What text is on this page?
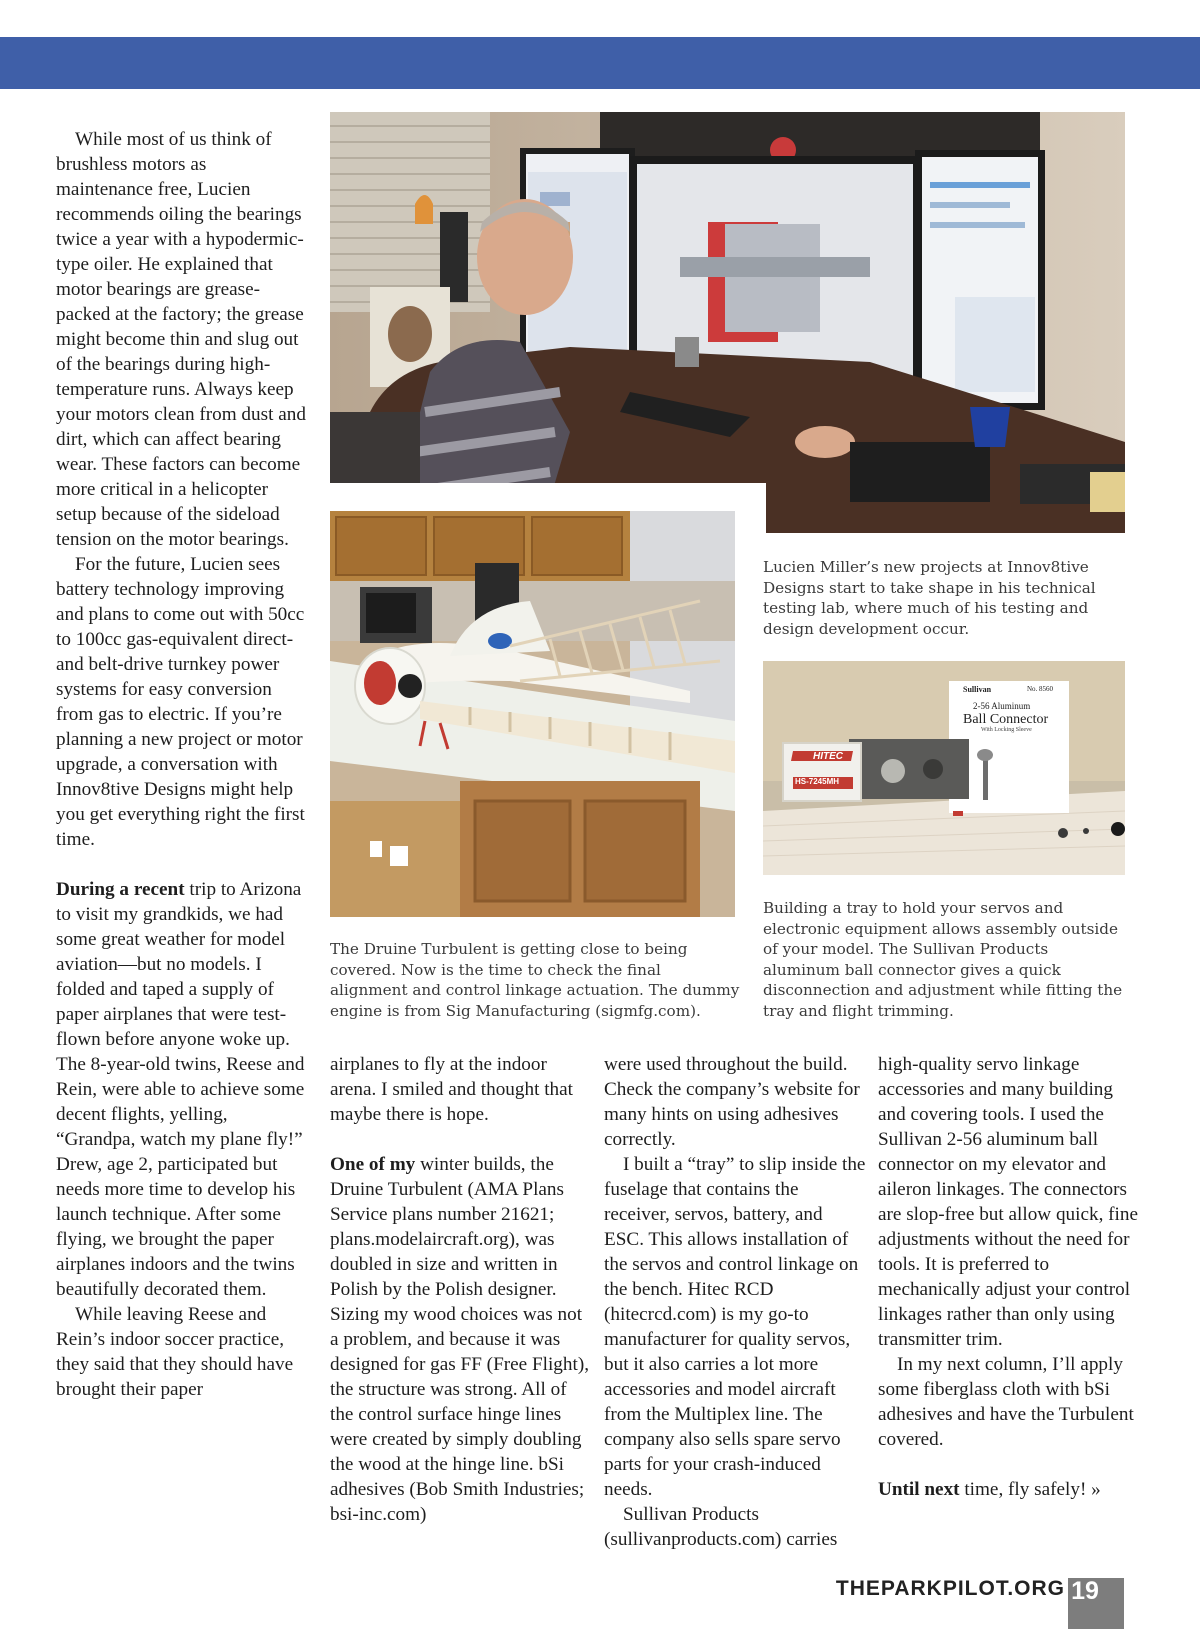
While most of us think of brushless motors as maintenance free, Lucien recommends oiling the bearings twice a year with a hypodermic-type oiler. He explained that motor bearings are grease-packed at the factory; the grease might become thin and slug out of the bearings during high-temperature runs. Always keep your motors clean from dust and dirt, which can affect bearing wear. These factors can become more critical in a helicopter setup because of the sideload tension on the motor bearings.

For the future, Lucien sees battery technology improving and plans to come out with 50cc to 100cc gas-equivalent direct- and belt-drive turnkey power systems for easy conversion from gas to electric. If you’re planning a new project or motor upgrade, a conversation with Innov8tive Designs might help you get everything right the first time.

During a recent trip to Arizona to visit my grandkids, we had some great weather for model aviation—but no models. I folded and taped a supply of paper airplanes that were test-flown before anyone woke up. The 8-year-old twins, Reese and Rein, were able to achieve some decent flights, yelling, “Grandpa, watch my plane fly!” Drew, age 2, participated but needs more time to develop his launch technique. After some flying, we brought the paper airplanes indoors and the twins beautifully decorated them.

While leaving Reese and Rein’s indoor soccer practice, they said that they should have brought their paper

HITEC
HS-7245MH
Sullivan	No. 8560
2-56 Aluminum
Ball Connector
With Locking Sleeve
Lucien Miller’s new projects at Innov8tive Designs start to take shape in his technical testing lab, where much of his testing and design development occur.
The Druine Turbulent is getting close to being covered. Now is the time to check the final alignment and control linkage actuation. The dummy engine is from Sig Manufacturing (sigmfg.com).
Building a tray to hold your servos and electronic equipment allows assembly outside of your model. The Sullivan Products aluminum ball connector gives a quick disconnection and adjustment while fitting the tray and flight trimming.

airplanes to fly at the indoor arena. I smiled and thought that maybe there is hope.

One of my winter builds, the Druine Turbulent (AMA Plans Service plans number 21621; plans.modelaircraft.org), was doubled in size and written in Polish by the Polish designer. Sizing my wood choices was not a problem, and because it was designed for gas FF (Free Flight), the structure was strong. All of the control surface hinge lines were created by simply doubling the wood at the hinge line. bSi adhesives (Bob Smith Industries; bsi-inc.com)

were used throughout the build. Check the company’s website for many hints on using adhesives correctly.

I built a “tray” to slip inside the fuselage that contains the receiver, servos, battery, and ESC. This allows installation of the servos and control linkage on the bench. Hitec RCD (hitecrcd.com) is my go-to manufacturer for quality servos, but it also carries a lot more accessories and model aircraft from the Multiplex line. The company also sells spare servo parts for your crash-induced needs.

Sullivan Products (sullivanproducts.com) carries

high-quality servo linkage accessories and many building and covering tools. I used the Sullivan 2-56 aluminum ball connector on my elevator and aileron linkages. The connectors are slop-free but allow quick, fine adjustments without the need for tools. It is preferred to mechanically adjust your control linkages rather than only using transmitter trim.

In my next column, I’ll apply some fiberglass cloth with bSi adhesives and have the Turbulent covered.

Until next time, fly safely! »

THEPARKPILOT.ORG 19
